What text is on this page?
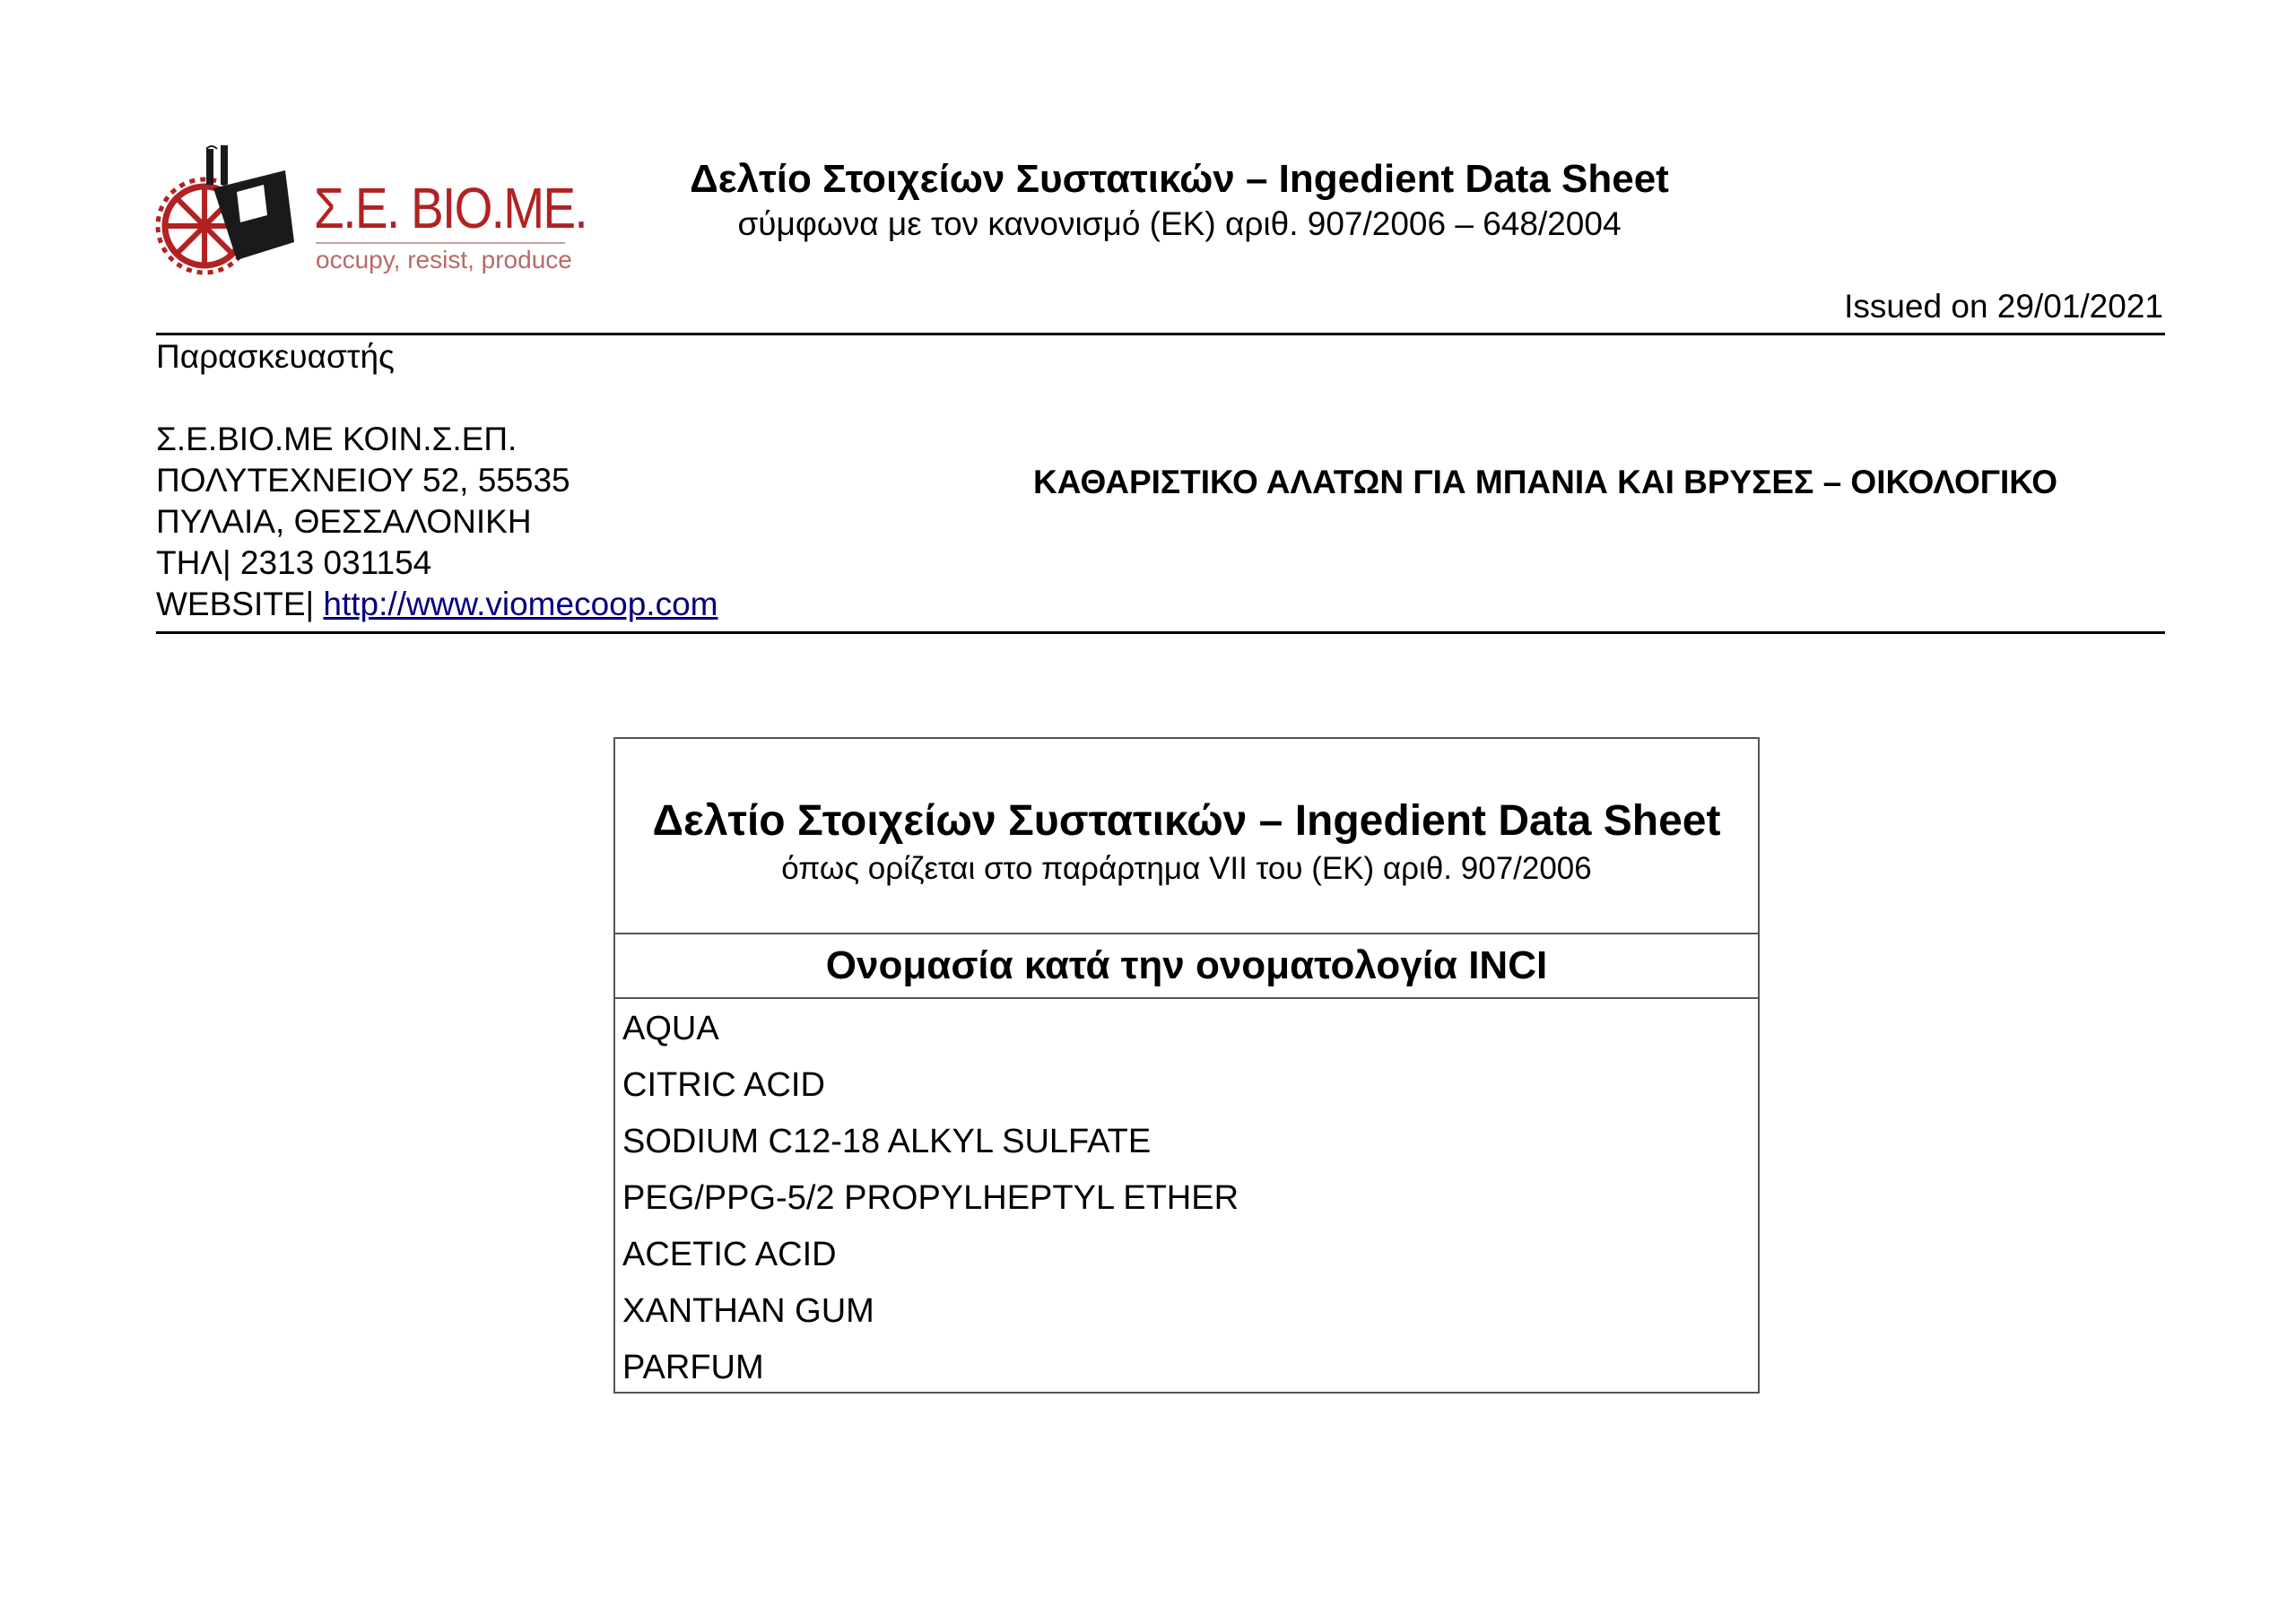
Σ.Ε. ΒΙΟ.ΜΕ.
occupy, resist, produce
Δελτίο Στοιχείων Συστατικών – Ingedient Data Sheet
σύμφωνα με τον κανονισμό (ΕΚ) αριθ. 907/2006 – 648/2004
Issued on 29/01/2021
Παρασκευαστής
Σ.Ε.ΒΙΟ.ΜΕ ΚΟΙΝ.Σ.ΕΠ.
ΠΟΛΥΤΕΧΝΕΙΟΥ 52, 55535
ΠΥΛΑΙΑ, ΘΕΣΣΑΛΟΝΙΚΗ
ΤΗΛ| 2313 031154
WEBSITE| http://www.viomecoop.com
ΚΑΘΑΡΙΣΤΙΚΟ ΑΛΑΤΩΝ ΓΙΑ ΜΠΑΝΙΑ ΚΑΙ ΒΡΥΣΕΣ – ΟΙΚΟΛΟΓΙΚΟ
Δελτίο Στοιχείων Συστατικών – Ingedient Data Sheet
όπως ορίζεται στο παράρτημα VII του (ΕΚ) αριθ. 907/2006
Ονομασία κατά την ονοματολογία INCI
AQUA
CITRIC ACID
SODIUM C12-18 ALKYL SULFATE
PEG/PPG-5/2 PROPYLHEPTYL ETHER
ACETIC ACID
XANTHAN GUM
PARFUM
